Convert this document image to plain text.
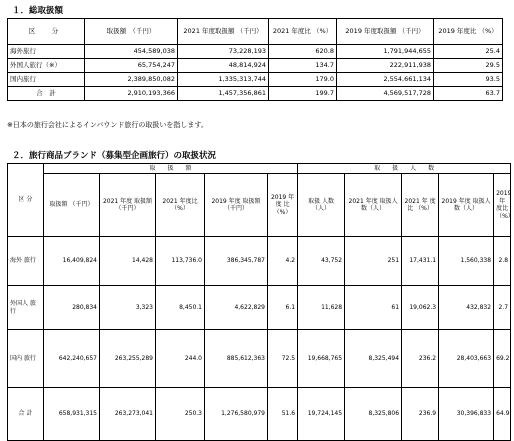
１．総取扱額
区　分	取扱額　（千円）	2021 年度取扱額 （千円）	2021 年度比 （%）	2019 年度取扱額 （千円）	2019 年度比 （%）
海外旅行	454,589,038	73,228,193	620.8	1,791,944,655	25.4
外国人旅行（※）	65,754,247	48,814,924	134.7	222,911,938	29.5
国内旅行	2,389,850,082	1,335,313,744	179.0	2,554,661,134	93.5
合　計	2,910,193,366	1,457,356,861	199.7	4,569,517,728	63.7
※日本の旅行会社によるインバウンド旅行の取扱いを指します。
２．旅行商品ブランド（募集型企画旅行）の取扱状況
区 分	取　　扱　　額					取　　扱　　人　　数				
	取扱額 （千円）	2021 年度 取扱額 （千円）	2021 年度比（%）	2019 年度 取扱額 （千円）	2019 年 度 比（%）	取扱 人数 （人）	2021 年度 取扱人数（人）	2021 年 度 比 （%）	2019 年度 取扱人数（人）	2019 年 度比 （%）
海外 旅行	16,409,824	14,428	113,736.0	386,345,787	4.2	43,752	251	17,431.1	1,560,338	2.8
外国人 旅行	280,834	3,323	8,450.1	4,622,829	6.1	11,628	61	19,062.3	432,832	2.7
国内 旅行	642,240,657	263,255,289	244.0	885,612,363	72.5	19,668,765	8,325,494	236.2	28,403,663	69.2
合 計	658,931,315	263,273,041	250.3	1,276,580,979	51.6	19,724,145	8,325,806	236.9	30,396,833	64.9
